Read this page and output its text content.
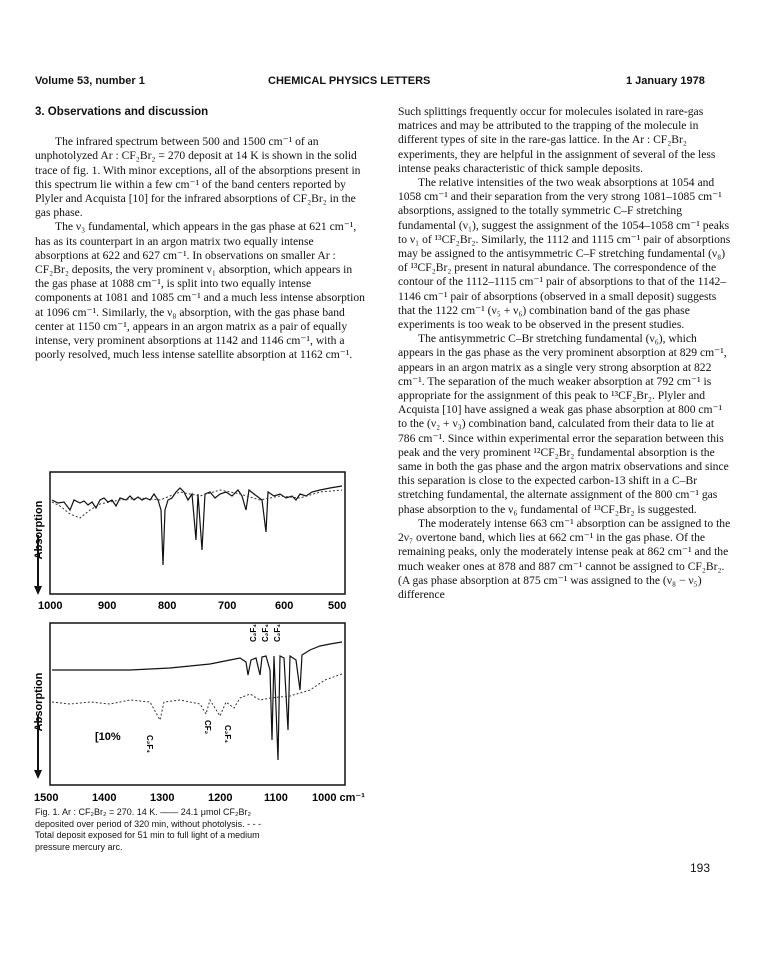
Volume 53, number 1	CHEMICAL PHYSICS LETTERS	1 January 1978

3. Observations and discussion

The infrared spectrum between 500 and 1500 cm⁻¹ of an unphotolyzed Ar : CF₂Br₂ = 270 deposit at 14 K is shown in the solid trace of fig. 1. With minor exceptions, all of the absorptions present in this spectrum lie within a few cm⁻¹ of the band centers reported by Plyler and Acquista [10] for the infrared absorptions of CF₂Br₂ in the gas phase.

The ν₃ fundamental, which appears in the gas phase at 621 cm⁻¹, has as its counterpart in an argon matrix two equally intense absorptions at 622 and 627 cm⁻¹. In observations on smaller Ar : CF₂Br₂ deposits, the very prominent ν₁ absorption, which appears in the gas phase at 1088 cm⁻¹, is split into two equally intense components at 1081 and 1085 cm⁻¹ and a much less intense absorption at 1096 cm⁻¹. Similarly, the ν₈ absorption, with the gas phase band center at 1150 cm⁻¹, appears in an argon matrix as a pair of equally intense, very prominent absorptions at 1142 and 1146 cm⁻¹, with a poorly resolved, much less intense satellite absorption at 1162 cm⁻¹.

Such splittings frequently occur for molecules isolated in rare-gas matrices and may be attributed to the trapping of the molecule in different types of site in the rare-gas lattice. In the Ar : CF₂Br₂ experiments, they are helpful in the assignment of several of the less intense peaks characteristic of thick sample deposits.

The relative intensities of the two weak absorptions at 1054 and 1058 cm⁻¹ and their separation from the very strong 1081–1085 cm⁻¹ absorptions, assigned to the totally symmetric C–F stretching fundamental (ν₁), suggest the assignment of the 1054–1058 cm⁻¹ peaks to ν₁ of ¹³CF₂Br₂. Similarly, the 1112 and 1115 cm⁻¹ pair of absorptions may be assigned to the antisymmetric C–F stretching fundamental (ν₈) of ¹³CF₂Br₂ present in natural abundance. The correspondence of the contour of the 1112–1115 cm⁻¹ pair of absorptions to that of the 1142–1146 cm⁻¹ pair of absorptions (observed in a small deposit) suggests that the 1122 cm⁻¹ (ν₅ + ν₆) combination band of the gas phase experiments is too weak to be observed in the present studies.

The antisymmetric C–Br stretching fundamental (ν₆), which appears in the gas phase as the very prominent absorption at 829 cm⁻¹, appears in an argon matrix as a single very strong absorption at 822 cm⁻¹. The separation of the much weaker absorption at 792 cm⁻¹ is appropriate for the assignment of this peak to ¹³CF₂Br₂. Plyler and Acquista [10] have assigned a weak gas phase absorption at 800 cm⁻¹ to the (ν₂ + ν₃) combination band, calculated from their data to lie at 786 cm⁻¹. Since within experimental error the separation between this peak and the very prominent ¹²CF₂Br₂ fundamental absorption is the same in both the gas phase and the argon matrix observations and since this separation is close to the expected carbon-13 shift in a C–Br stretching fundamental, the alternate assignment of the 800 cm⁻¹ gas phase absorption to the ν₆ fundamental of ¹³CF₂Br₂ is suggested.

The moderately intense 663 cm⁻¹ absorption can be assigned to the 2ν₇ overtone band, which lies at 662 cm⁻¹ in the gas phase. Of the remaining peaks, only the moderately intense peak at 862 cm⁻¹ and the much weaker ones at 878 and 887 cm⁻¹ cannot be assigned to CF₂Br₂. (A gas phase absorption at 875 cm⁻¹ was assigned to the (ν₈ − ν₅) difference

Absorption
1000	900	800	700	600	500
Absorption
[10%	C₂F₄
CF₂ C₂F₄
C₂F₄ C₂F₄ C₂F₄
1500	1400	1300	1200	1100 1000 cm⁻¹
Fig. 1. Ar : CF₂Br₂ = 270. 14 K. —— 24.1 μmol CF₂Br₂
deposited over period of 320 min, without photolysis. - - -
Total deposit exposed for 51 min to full light of a medium
pressure mercury arc.
193
